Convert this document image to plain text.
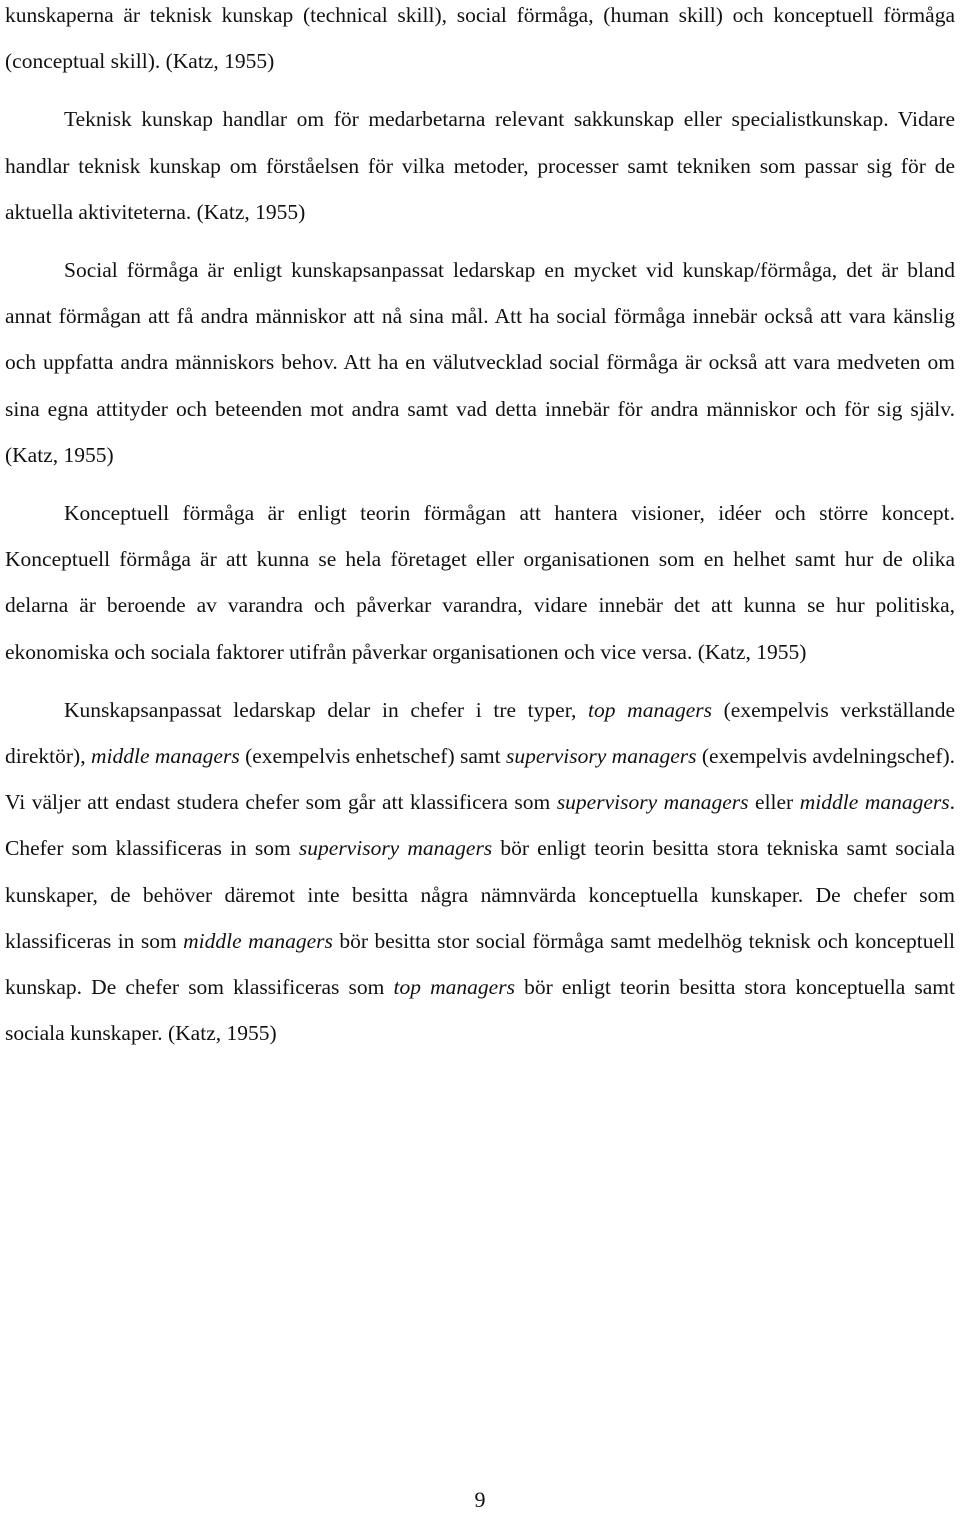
kunskaperna är teknisk kunskap (technical skill), social förmåga, (human skill) och konceptuell förmåga (conceptual skill). (Katz, 1955)

Teknisk kunskap handlar om för medarbetarna relevant sakkunskap eller specialistkunskap. Vidare handlar teknisk kunskap om förståelsen för vilka metoder, processer samt tekniken som passar sig för de aktuella aktiviteterna. (Katz, 1955)

Social förmåga är enligt kunskapsanpassat ledarskap en mycket vid kunskap/förmåga, det är bland annat förmågan att få andra människor att nå sina mål. Att ha social förmåga innebär också att vara känslig och uppfatta andra människors behov. Att ha en välutvecklad social förmåga är också att vara medveten om sina egna attityder och beteenden mot andra samt vad detta innebär för andra människor och för sig själv. (Katz, 1955)

Konceptuell förmåga är enligt teorin förmågan att hantera visioner, idéer och större koncept. Konceptuell förmåga är att kunna se hela företaget eller organisationen som en helhet samt hur de olika delarna är beroende av varandra och påverkar varandra, vidare innebär det att kunna se hur politiska, ekonomiska och sociala faktorer utifrån påverkar organisationen och vice versa. (Katz, 1955)

Kunskapsanpassat ledarskap delar in chefer i tre typer, top managers (exempelvis verkställande direktör), middle managers (exempelvis enhetschef) samt supervisory managers (exempelvis avdelningschef). Vi väljer att endast studera chefer som går att klassificera som supervisory managers eller middle managers. Chefer som klassificeras in som supervisory managers bör enligt teorin besitta stora tekniska samt sociala kunskaper, de behöver däremot inte besitta några nämnvärda konceptuella kunskaper. De chefer som klassificeras in som middle managers bör besitta stor social förmåga samt medelhög teknisk och konceptuell kunskap. De chefer som klassificeras som top managers bör enligt teorin besitta stora konceptuella samt sociala kunskaper. (Katz, 1955)

9
